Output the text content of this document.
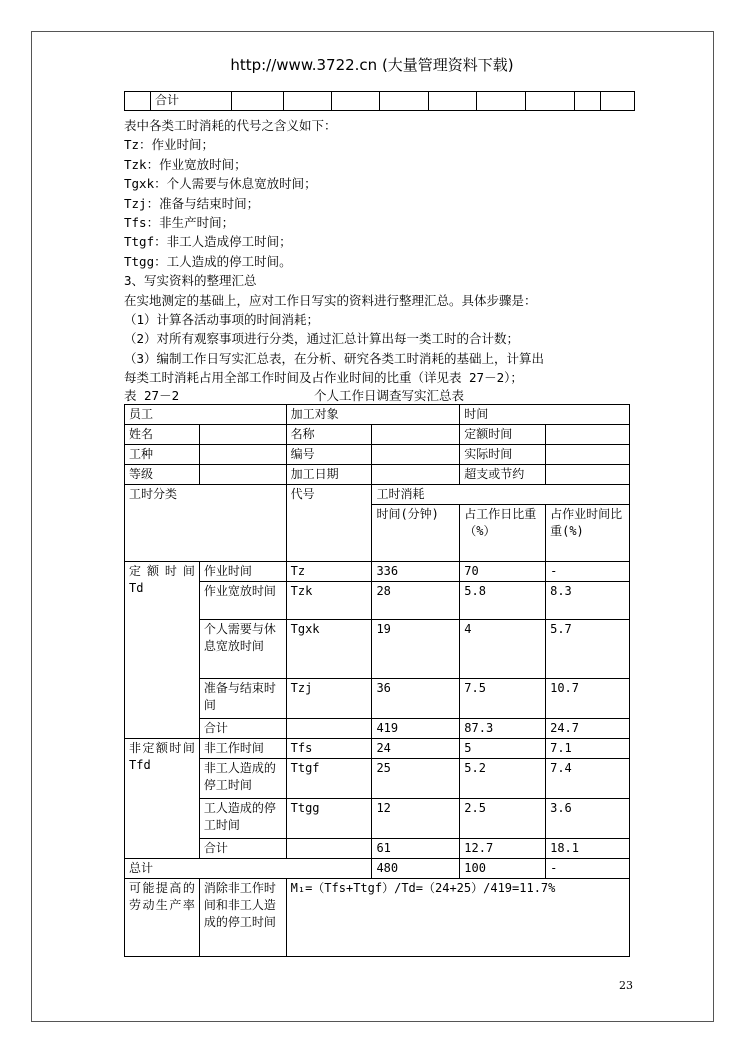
http://www.3722.cn (大量管理资料下载)
	合计									
表中各类工时消耗的代号之含义如下：
Tz：作业时间；
Tzk：作业宽放时间；
Tgxk：个人需要与休息宽放时间；
Tzj：准备与结束时间；
Tfs：非生产时间；
Ttgf：非工人造成停工时间；
Ttgg：工人造成的停工时间。
3、写实资料的整理汇总
在实地测定的基础上，应对工作日写实的资料进行整理汇总。具体步骤是：
（1）计算各活动事项的时间消耗；
（2）对所有观察事项进行分类，通过汇总计算出每一类工时的合计数；
（3）编制工作日写实汇总表，在分析、研究各类工时消耗的基础上，计算出
每类工时消耗占用全部工作时间及占作业时间的比重（详见表 27－2）；
表 27－2	个人工作日调查写实汇总表
员工		加工对象		时间	
姓名		名称		定额时间	
工种		编号		实际时间	
等级		加工日期		超支或节约	
工时分类		代号	工时消耗		
			时间(分钟)	占工作日比重（%）	占作业时间比重(%)
定额时间 Td	作业时间	Tz	336	70	-
	作业宽放时间	Tzk	28	5.8	8.3
	个人需要与休息宽放时间	Tgxk	19	4	5.7
	准备与结束时间	Tzj	36	7.5	10.7
	合计		419	87.3	24.7
非定额时间 Tfd	非工作时间	Tfs	24	5	7.1
	非工人造成的停工时间	Ttgf	25	5.2	7.4
	工人造成的停工时间	Ttgg	12	2.5	3.6
	合计		61	12.7	18.1
总计			480	100	-
可能提高的劳动生产率	消除非工作时间和非工人造成的停工时间	M₁=（Tfs+Ttgf）/Td=（24+25）/419=11.7%			
23
